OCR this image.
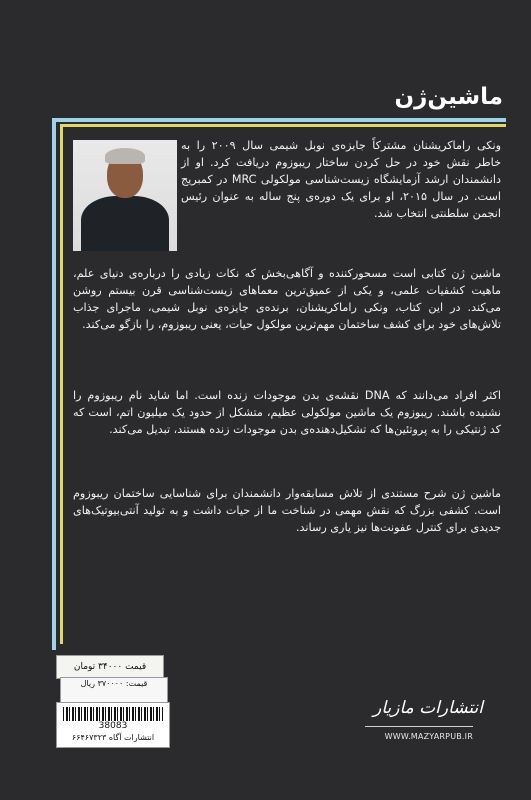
ماشین‌ژن

ونکی راماکریشنان مشترکاً جایزه‌ی نوبل شیمی سال ۲۰۰۹ را به خاطر نقش خود در حل کردن ساختار ریبوزوم دریافت کرد. او از دانشمندان ارشد آزمایشگاه زیست‌شناسی مولکولی MRC در کمبریج است. در سال ۲۰۱۵، او برای یک دوره‌ی پنج ساله به عنوان رئیس انجمن سلطنتی انتخاب شد.

ماشین ژن کتابی است مسحورکننده و آگاهی‌بخش که نکات زیادی را درباره‌ی دنیای علم، ماهیت کشفیات علمی، و یکی از عمیق‌ترین معماهای زیست‌شناسی قرن بیستم روشن می‌کند. در این کتاب، ونکی راماکریشنان، برنده‌ی جایزه‌ی نوبل شیمی، ماجرای جذاب تلاش‌های خود برای کشف ساختمان مهم‌ترین مولکول حیات، یعنی ریبوزوم، را بازگو می‌کند.

اکثر افراد می‌دانند که DNA نقشه‌ی بدن موجودات زنده است. اما شاید نام ریبوزوم را نشنیده باشند. ریبوزوم یک ماشین مولکولی عظیم، متشکل از حدود یک میلیون اتم، است که کد ژنتیکی را به پروتئین‌ها که تشکیل‌دهنده‌ی بدن موجودات زنده هستند، تبدیل می‌کند.

ماشین ژن شرح مستندی از تلاش مسابقه‌وار دانشمندان برای شناسایی ساختمان ریبوزوم است. کشفی بزرگ که نقش مهمی در شناخت ما از حیات داشت و به تولید آنتی‌بیوتیک‌های جدیدی برای کنترل عفونت‌ها نیز یاری رساند.

قیمت ۳۴۰۰۰ تومان
قیمت: ۳۷۰۰۰۰ ریال
38083
انتشارات آگاه ۶۶۴۶۷۳۲۳
انتشارات مازیار
WWW.MAZYARPUB.IR
